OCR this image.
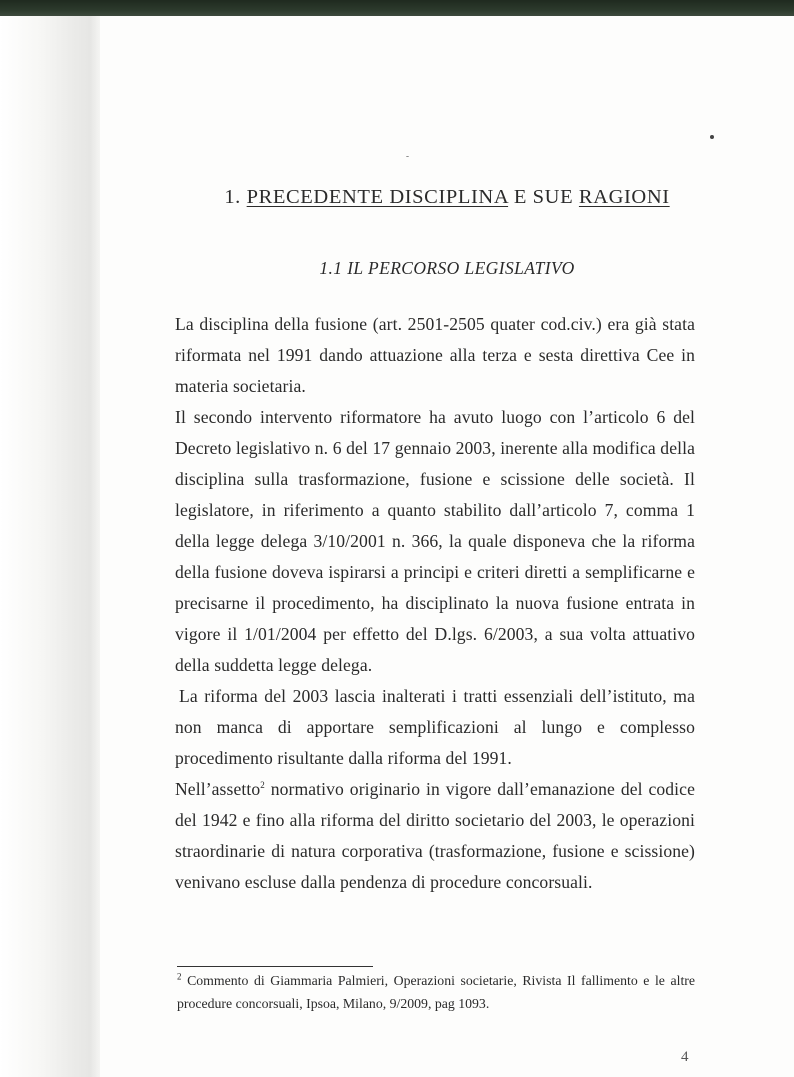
1. PRECEDENTE DISCIPLINA E SUE RAGIONI
1.1 IL PERCORSO LEGISLATIVO

La disciplina della fusione (art. 2501-2505 quater cod.civ.) era già stata riformata nel 1991 dando attuazione alla terza e sesta direttiva Cee in materia societaria.

Il secondo intervento riformatore ha avuto luogo con l’articolo 6 del Decreto legislativo n. 6 del 17 gennaio 2003, inerente alla modifica della disciplina sulla trasformazione, fusione e scissione delle società. Il legislatore, in riferimento a quanto stabilito dall’articolo 7, comma 1 della legge delega 3/10/2001 n. 366, la quale disponeva che la riforma della fusione doveva ispirarsi a principi e criteri diretti a semplificarne e precisarne il procedimento, ha disciplinato la nuova fusione entrata in vigore il 1/01/2004 per effetto del D.lgs. 6/2003, a sua volta attuativo della suddetta legge delega.

La riforma del 2003 lascia inalterati i tratti essenziali dell’istituto, ma non manca di apportare semplificazioni al lungo e complesso procedimento risultante dalla riforma del 1991.

Nell’assetto$^2$ normativo originario in vigore dall’emanazione del codice del 1942 e fino alla riforma del diritto societario del 2003, le operazioni straordinarie di natura corporativa (trasformazione, fusione e scissione) venivano escluse dalla pendenza di procedure concorsuali.

$^2$ Commento di Giammaria Palmieri, Operazioni societarie, Rivista Il fallimento e le altre procedure concorsuali, Ipsoa, Milano, 9/2009, pag 1093.
4
